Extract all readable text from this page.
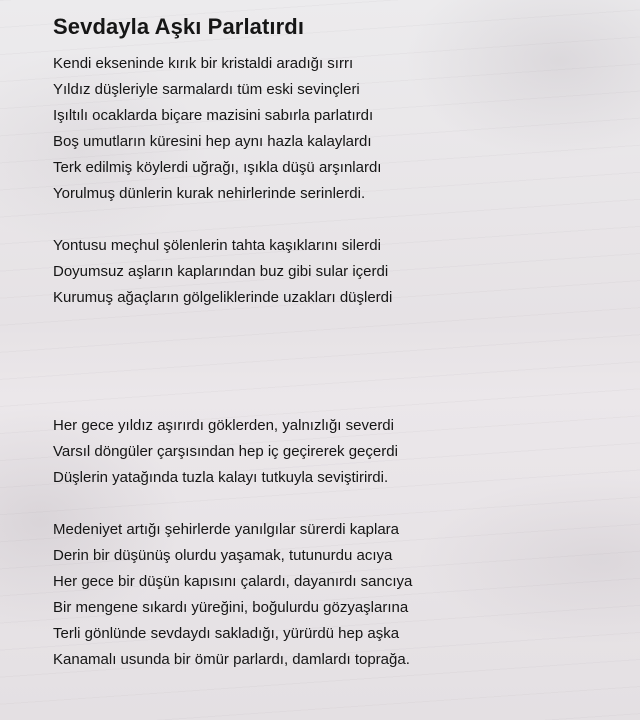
Sevdayla Aşkı Parlatırdı
Kendi ekseninde kırık bir kristaldi aradığı sırrı
Yıldız düşleriyle sarmalardı tüm eski sevinçleri
Işıltılı ocaklarda biçare mazisini sabırla parlatırdı
Boş umutların küresini hep aynı hazla kalaylardı
Terk edilmiş köylerdi uğrağı, ışıkla düşü arşınlardı
Yorulmuş dünlerin kurak nehirlerinde serinlerdi.
Yontusu meçhul şölenlerin tahta kaşıklarını silerdi
Doyumsuz aşların kaplarından buz gibi sular içerdi
Kurumuş ağaçların gölgeliklerinde uzakları düşlerdi
Her gece yıldız aşırırdı göklerden, yalnızlığı severdi
Varsıl döngüler çarşısından hep iç geçirerek geçerdi
Düşlerin yatağında tuzla kalayı tutkuyla seviştirirdi.
Medeniyet artığı şehirlerde yanılgılar sürerdi kaplara
Derin bir düşünüş olurdu yaşamak, tutunurdu acıya
Her gece bir düşün kapısını çalardı, dayanırdı sancıya
Bir mengene sıkardı yüreğini, boğulurdu gözyaşlarına
Terli gönlünde sevdaydı sakladığı, yürürdü hep aşka
Kanamalı usunda bir ömür parlardı, damlardı toprağa.
